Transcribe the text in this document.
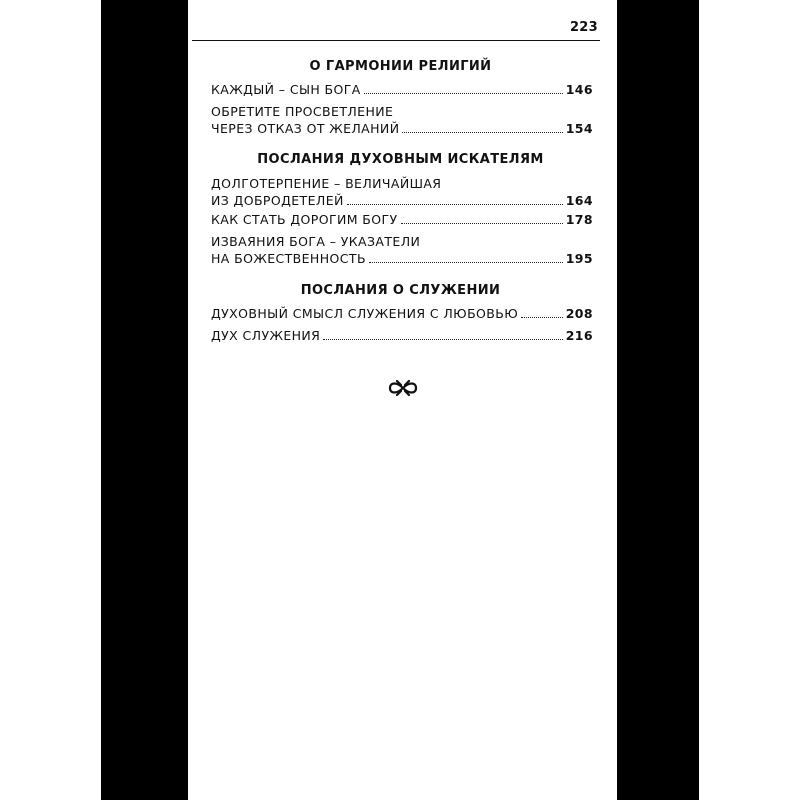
223
О ГАРМОНИИ РЕЛИГИЙ
КАЖДЫЙ – СЫН БОГА	146
ОБРЕТИТЕ ПРОСВЕТЛЕНИЕ
ЧЕРЕЗ ОТКАЗ ОТ ЖЕЛАНИЙ	154
ПОСЛАНИЯ ДУХОВНЫМ ИСКАТЕЛЯМ
ДОЛГОТЕРПЕНИЕ – ВЕЛИЧАЙШАЯ
ИЗ ДОБРОДЕТЕЛЕЙ	164
КАК СТАТЬ ДОРОГИМ БОГУ	178
ИЗВАЯНИЯ БОГА – УКАЗАТЕЛИ
НА БОЖЕСТВЕННОСТЬ	195
ПОСЛАНИЯ О СЛУЖЕНИИ
ДУХОВНЫЙ СМЫСЛ СЛУЖЕНИЯ С ЛЮБОВЬЮ	208
ДУХ СЛУЖЕНИЯ	216
